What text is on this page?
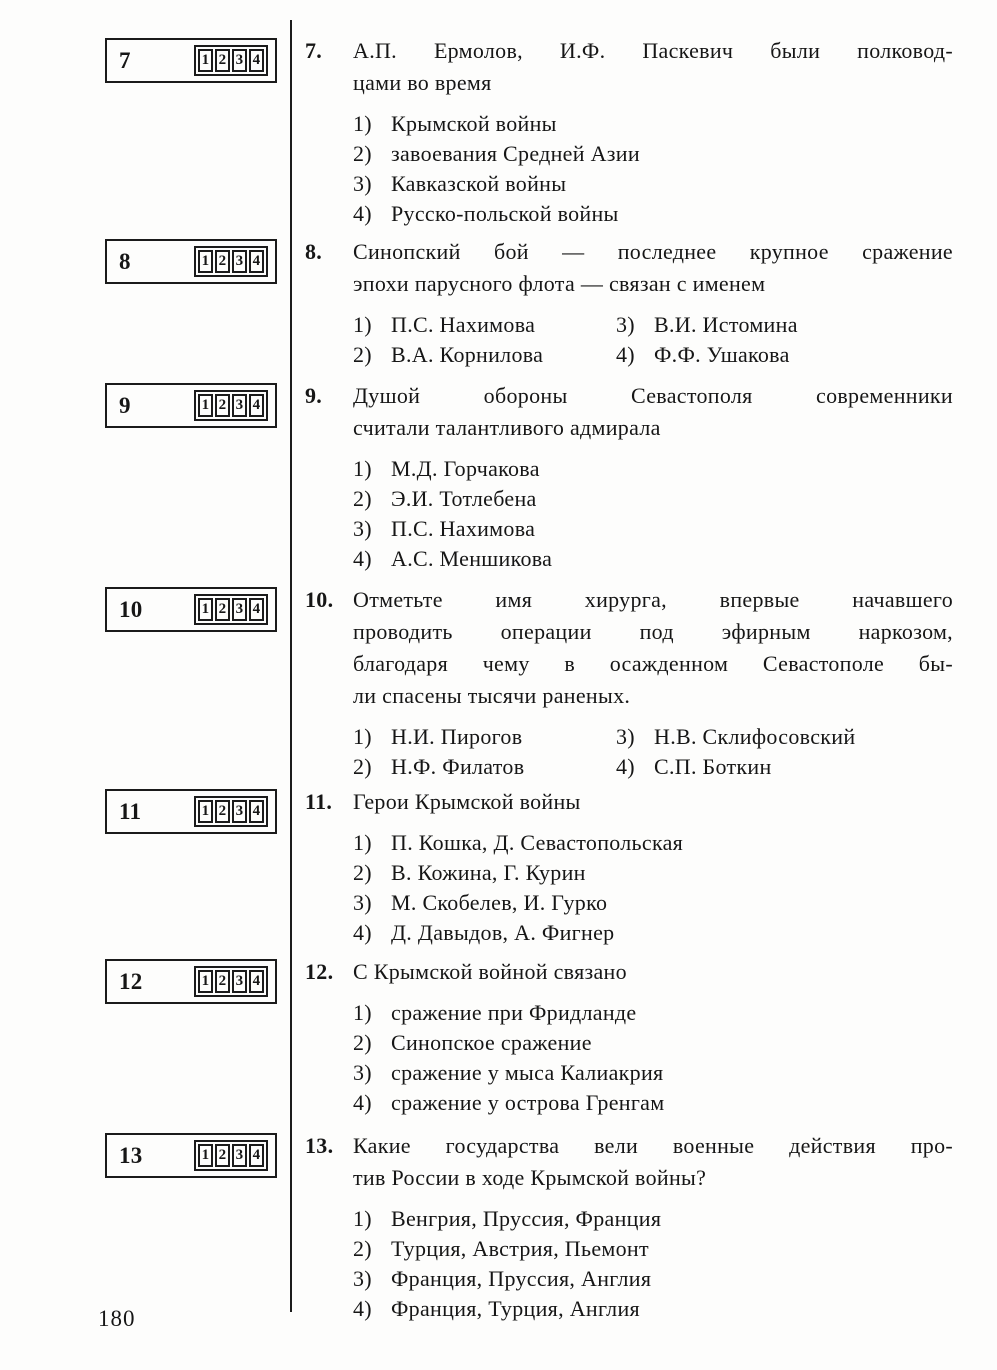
7	1 2 3 4 7. А.П. Ермолов, И.Ф. Паскевич были полковод-
цами во время
1) Крымской войны
2) завоевания Средней Азии
3) Кавказской войны
4) Русско-польской войны
8	1 2 3 4 8. Синопский бой — последнее крупное сражение
эпохи парусного флота — связан с именем
1) П.С. Нахимова	3) В.И. Истомина
2) В.А. Корнилова	4) Ф.Ф. Ушакова
9	1 2 3 4 9. Душой обороны Севастополя современники
считали талантливого адмирала
1) М.Д. Горчакова
2) Э.И. Тотлебена
3) П.С. Нахимова
4) А.С. Меншикова
10	1 2 3 4 10. Отметьте имя хирурга, впервые начавшего
проводить операции под эфирным наркозом,
благодаря чему в осажденном Севастополе бы-
ли спасены тысячи раненых.
1) Н.И. Пирогов	3) Н.В. Склифосовский
2) Н.Ф. Филатов	4) С.П. Боткин
11	1 2 3 4 11. Герои Крымской войны
1) П. Кошка, Д. Севастопольская
2) В. Кожина, Г. Курин
3) М. Скобелев, И. Гурко
4) Д. Давыдов, А. Фигнер
12	1 2 3 4 12. С Крымской войной связано
1) сражение при Фридланде
2) Синопское сражение
3) сражение у мыса Калиакрия
4) сражение у острова Гренгам
13	1 2 3 4 13. Какие государства вели военные действия про-
тив России в ходе Крымской войны?
1) Венгрия, Пруссия, Франция
2) Турция, Австрия, Пьемонт
3) Франция, Пруссия, Англия
4) Франция, Турция, Англия
180
